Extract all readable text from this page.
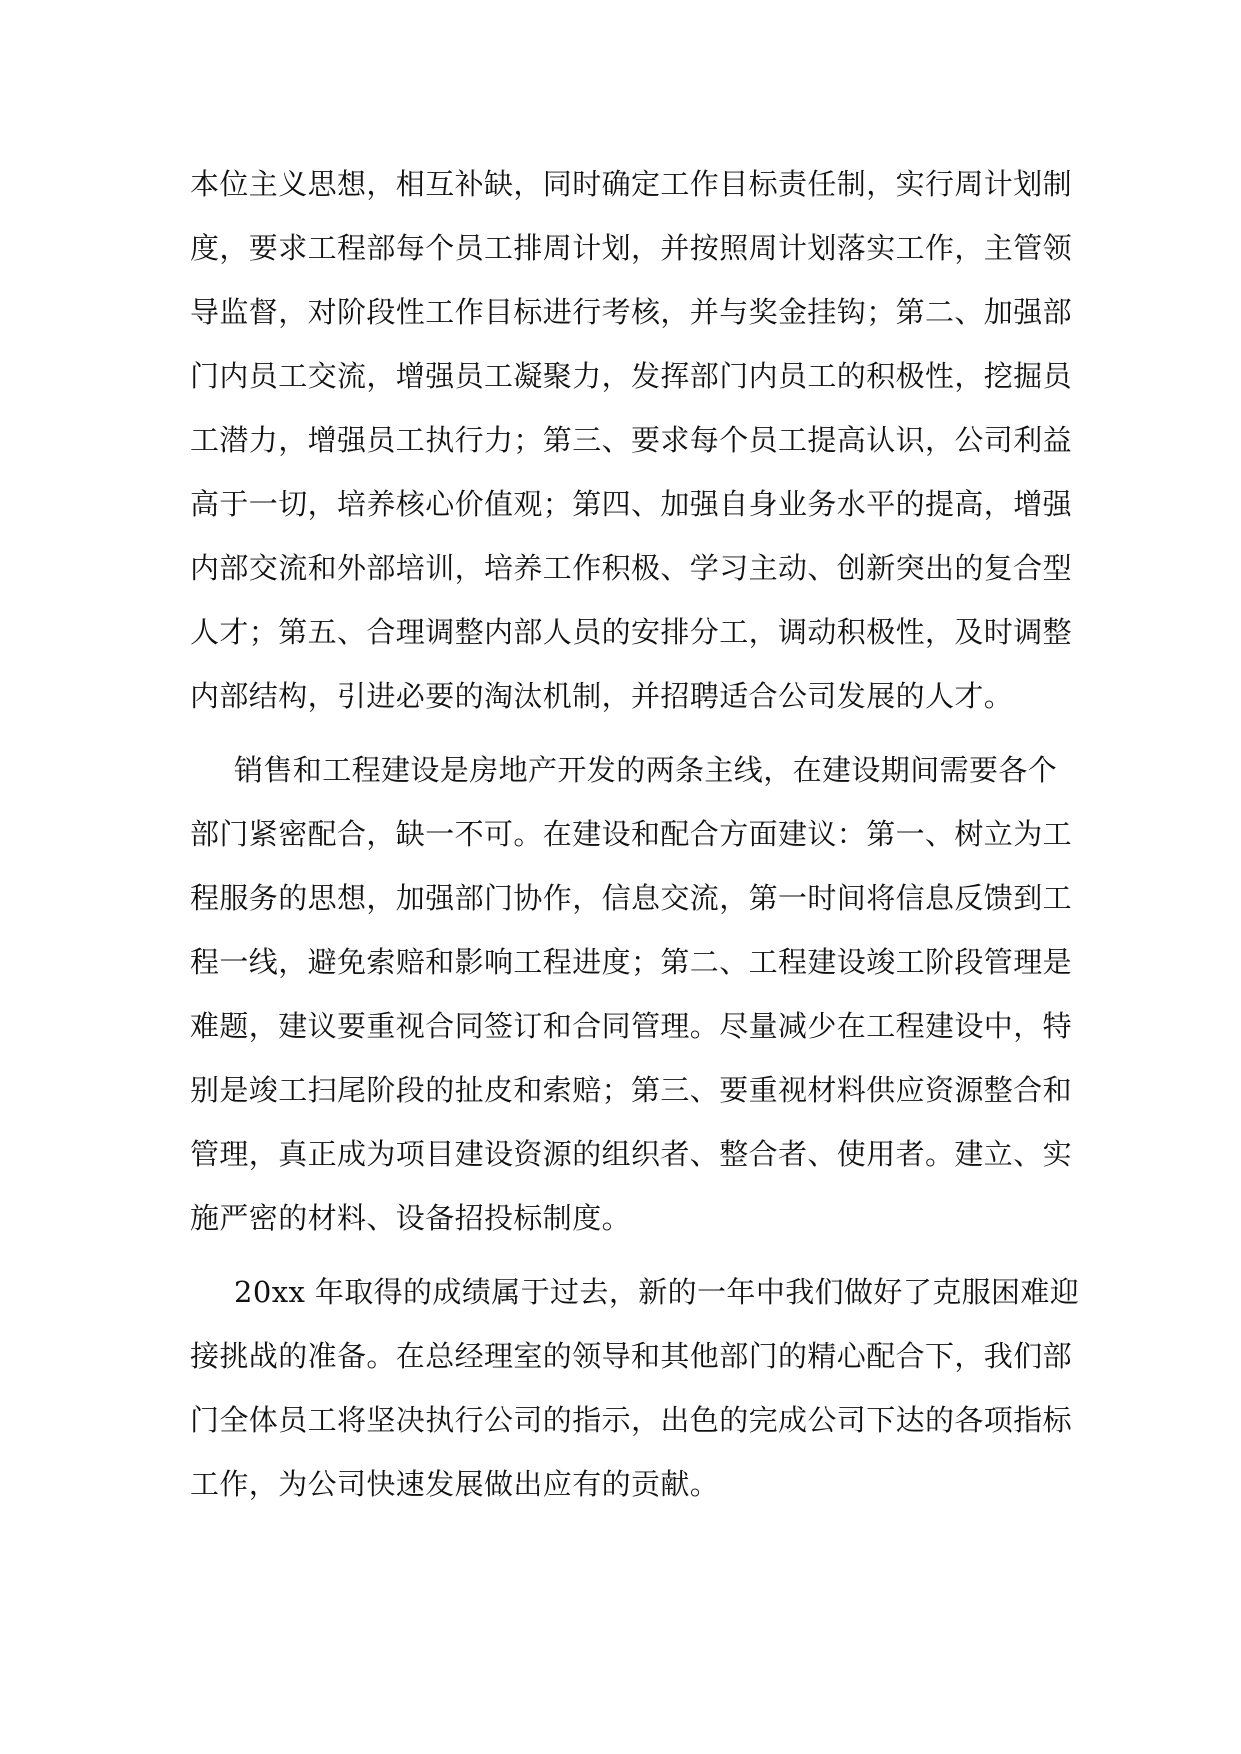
本位主义思想，相互补缺，同时确定工作目标责任制，实行周计划制
度，要求工程部每个员工排周计划，并按照周计划落实工作，主管领
导监督，对阶段性工作目标进行考核，并与奖金挂钩；第二、加强部
门内员工交流，增强员工凝聚力，发挥部门内员工的积极性，挖掘员
工潜力，增强员工执行力；第三、要求每个员工提高认识，公司利益
高于一切，培养核心价值观；第四、加强自身业务水平的提高，增强
内部交流和外部培训，培养工作积极、学习主动、创新突出的复合型
人才；第五、合理调整内部人员的安排分工，调动积极性，及时调整
内部结构，引进必要的淘汰机制，并招聘适合公司发展的人才。
销售和工程建设是房地产开发的两条主线，在建设期间需要各个
部门紧密配合，缺一不可。在建设和配合方面建议：第一、树立为工
程服务的思想，加强部门协作，信息交流，第一时间将信息反馈到工
程一线，避免索赔和影响工程进度；第二、工程建设竣工阶段管理是
难题，建议要重视合同签订和合同管理。尽量减少在工程建设中，特
别是竣工扫尾阶段的扯皮和索赔；第三、要重视材料供应资源整合和
管理，真正成为项目建设资源的组织者、整合者、使用者。建立、实
施严密的材料、设备招投标制度。
20xx 年取得的成绩属于过去，新的一年中我们做好了克服困难迎
接挑战的准备。在总经理室的领导和其他部门的精心配合下，我们部
门全体员工将坚决执行公司的指示，出色的完成公司下达的各项指标
工作，为公司快速发展做出应有的贡献。
